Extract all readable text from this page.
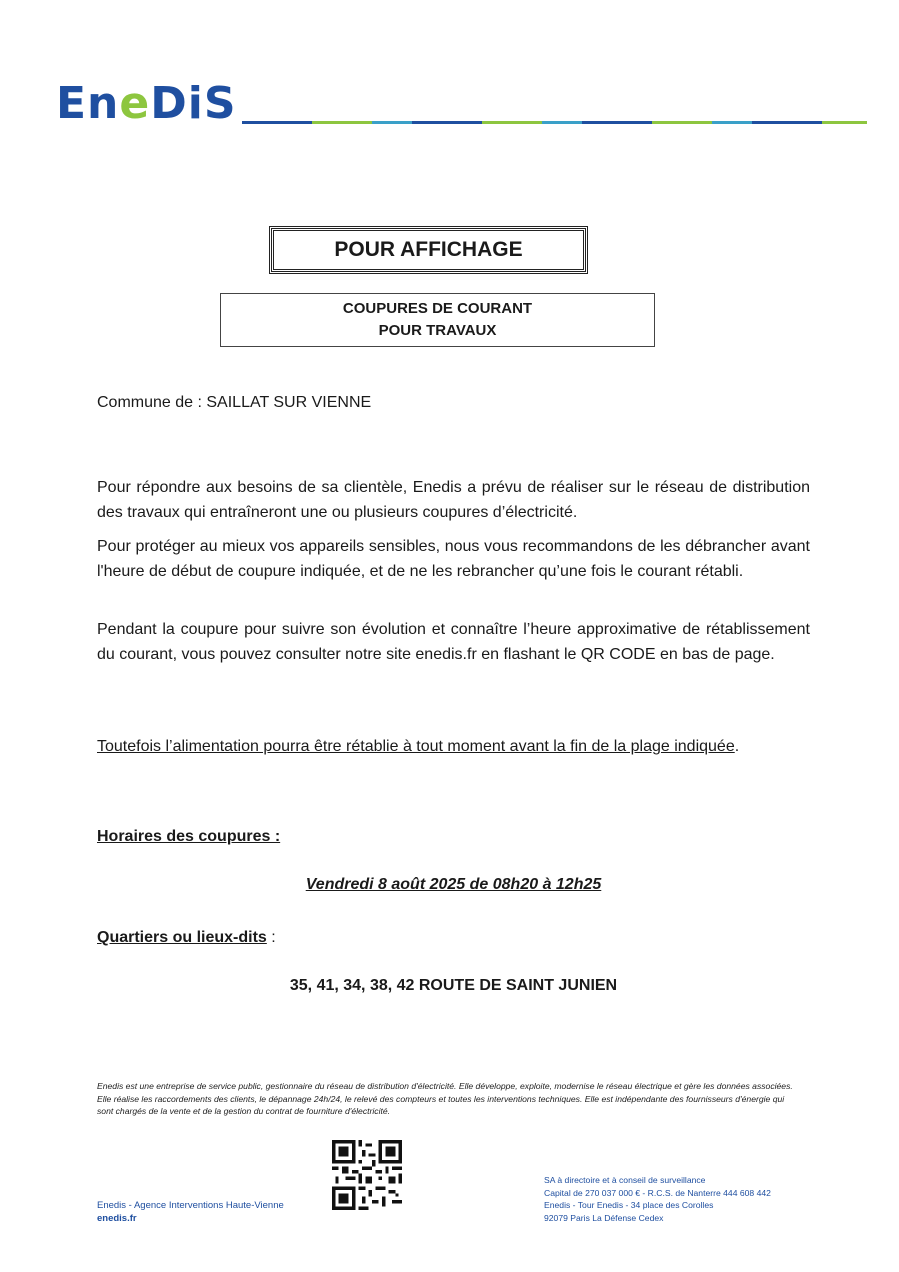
EneDiS
POUR AFFICHAGE
COUPURES DE COURANT
POUR TRAVAUX
Commune de : SAILLAT SUR VIENNE
Pour répondre aux besoins de sa clientèle, Enedis a prévu de réaliser sur le réseau de distribution des travaux qui entraîneront une ou plusieurs coupures d’électricité.
Pour protéger au mieux vos appareils sensibles, nous vous recommandons de les débrancher avant l'heure de début de coupure indiquée, et de ne les rebrancher qu’une fois le courant rétabli.
Pendant la coupure pour suivre son évolution et connaître l’heure approximative de rétablissement du courant, vous pouvez consulter notre site enedis.fr en flashant le QR CODE en bas de page.
Toutefois l’alimentation pourra être rétablie à tout moment avant la fin de la plage indiquée.
Horaires des coupures :
Vendredi 8 août 2025 de 08h20 à 12h25
Quartiers ou lieux-dits :
35, 41, 34, 38, 42 ROUTE DE SAINT JUNIEN
Enedis est une entreprise de service public, gestionnaire du réseau de distribution d'électricité. Elle développe, exploite, modernise le réseau électrique et gère les données associées. Elle réalise les raccordements des clients, le dépannage 24h/24, le relevé des compteurs et toutes les interventions techniques. Elle est indépendante des fournisseurs d'énergie qui sont chargés de la vente et de la gestion du contrat de fourniture d'électricité.
Enedis - Agence Interventions Haute-Vienne
enedis.fr
SA à directoire et à conseil de surveillance
Capital de 270 037 000 € - R.C.S. de Nanterre 444 608 442
Enedis - Tour Enedis - 34 place des Corolles
92079 Paris La Défense Cedex
